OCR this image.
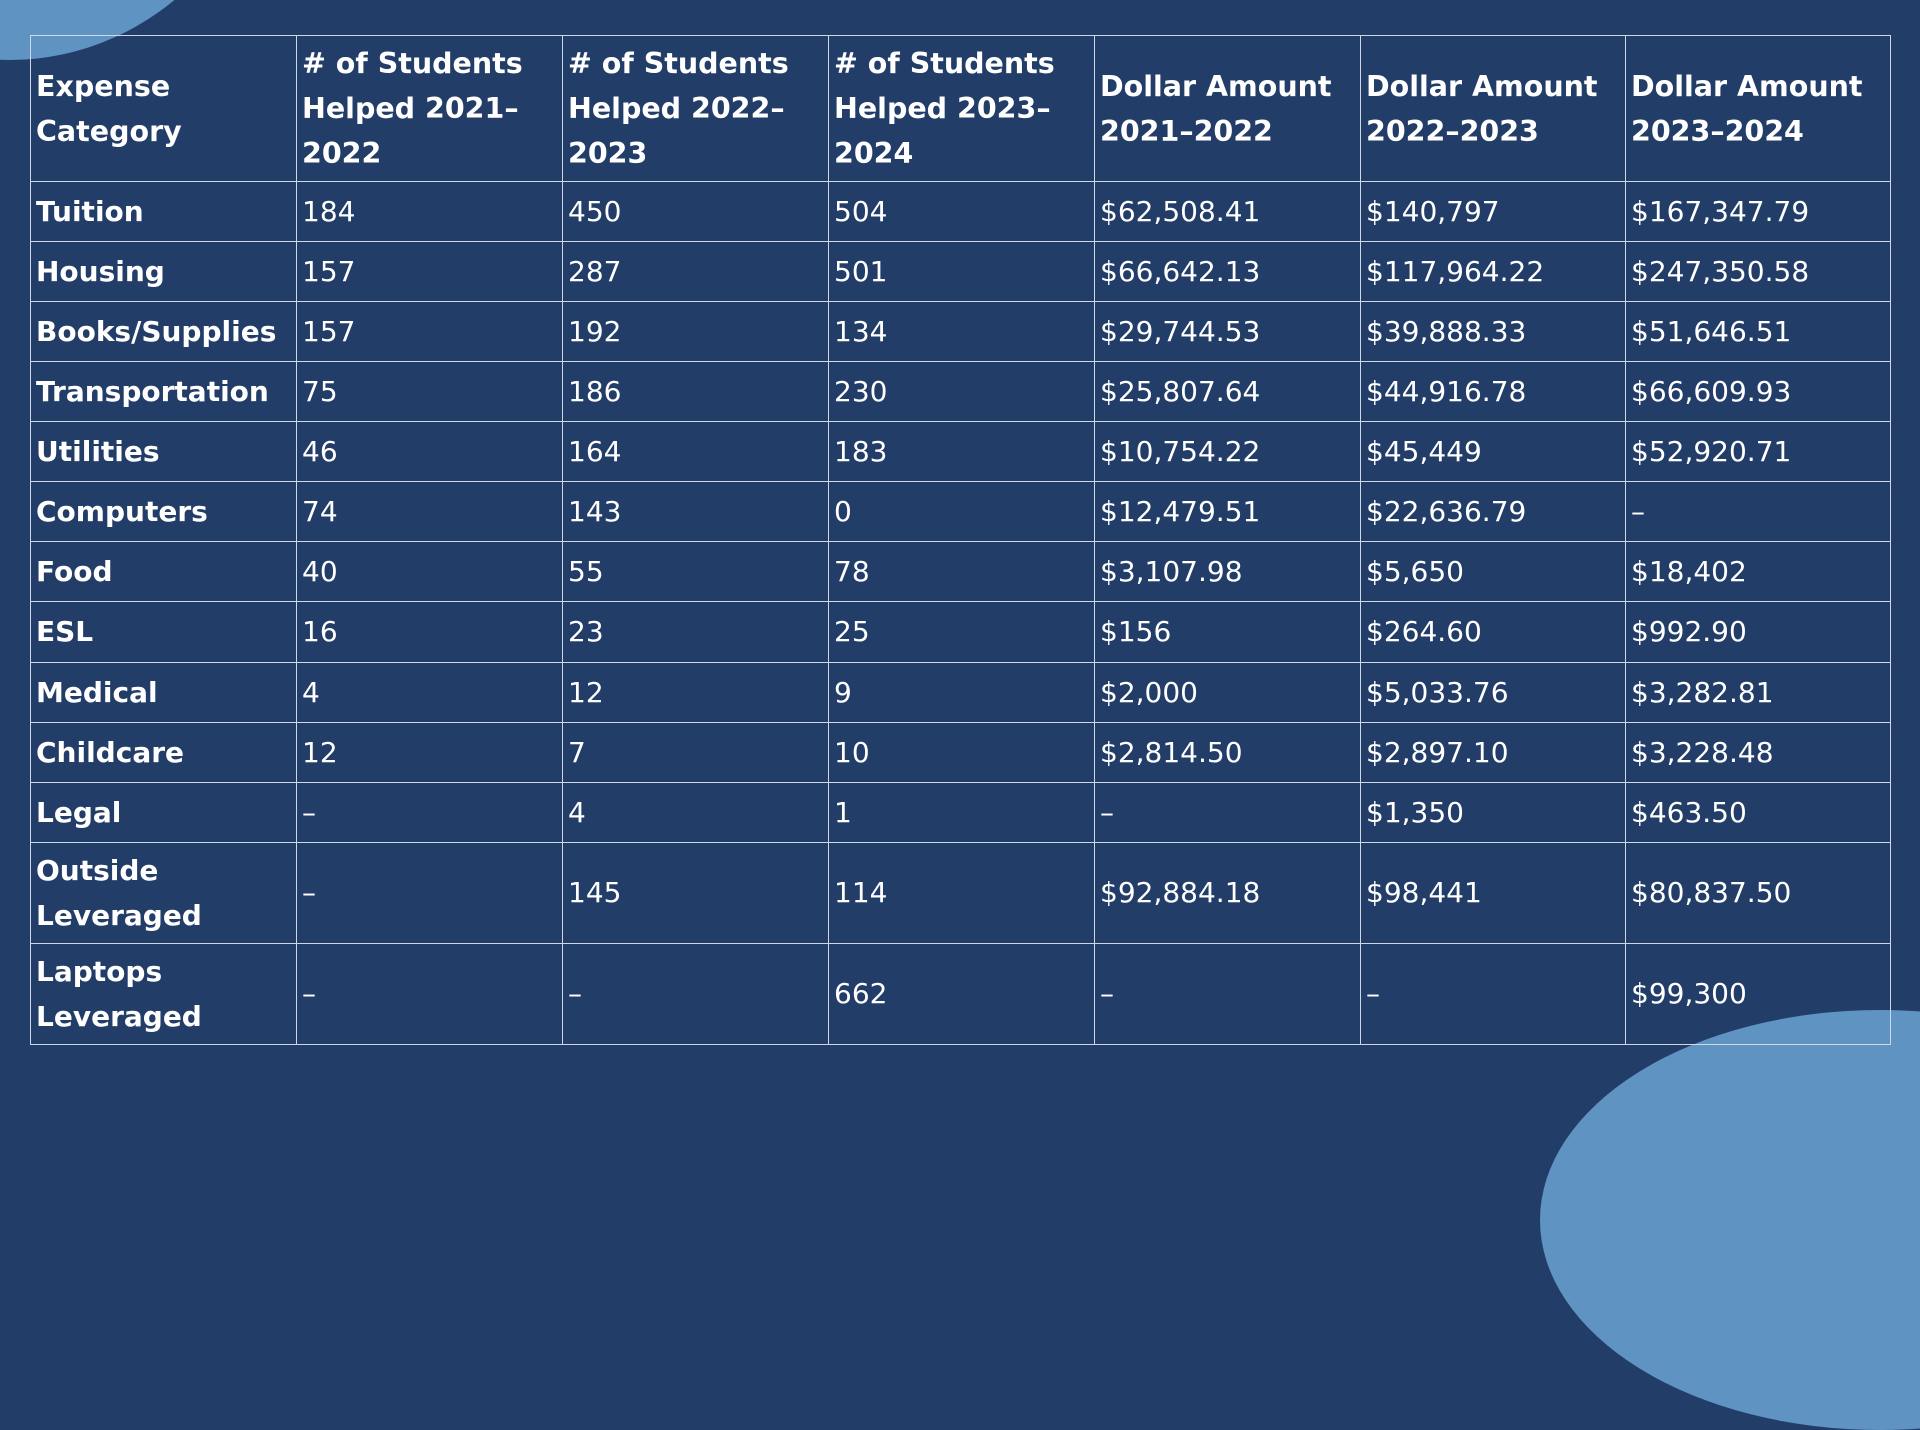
Expense Category	# of Students Helped 2021–2022	# of Students Helped 2022–2023	# of Students Helped 2023–2024	Dollar Amount 2021–2022	Dollar Amount 2022–2023	Dollar Amount 2023–2024
Tuition	184	450	504	$62,508.41	$140,797	$167,347.79
Housing	157	287	501	$66,642.13	$117,964.22	$247,350.58
Books/Supplies	157	192	134	$29,744.53	$39,888.33	$51,646.51
Transportation	75	186	230	$25,807.64	$44,916.78	$66,609.93
Utilities	46	164	183	$10,754.22	$45,449	$52,920.71
Computers	74	143	0	$12,479.51	$22,636.79	–
Food	40	55	78	$3,107.98	$5,650	$18,402
ESL	16	23	25	$156	$264.60	$992.90
Medical	4	12	9	$2,000	$5,033.76	$3,282.81
Childcare	12	7	10	$2,814.50	$2,897.10	$3,228.48
Legal	–	4	1	–	$1,350	$463.50
Outside Leveraged	–	145	114	$92,884.18	$98,441	$80,837.50
Laptops Leveraged	–	–	662	–	–	$99,300
